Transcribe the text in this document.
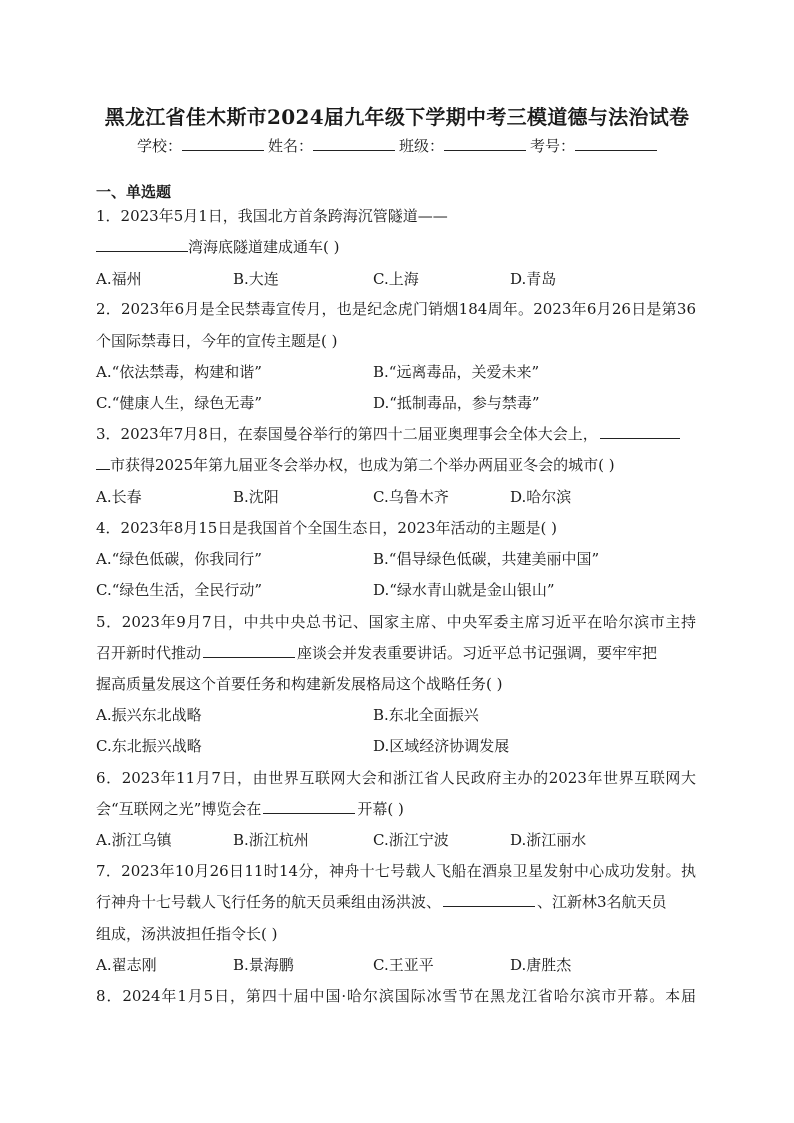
黑龙江省佳木斯市2024届九年级下学期中考三模道德与法治试卷
学校：	姓名：	班级：	考号：
一、单选题
1．2023年5月1日，我国北方首条跨海沉管隧道——
湾海底隧道建成通车( )
A.福州	B.大连	C.上海	D.青岛
2．2023年6月是全民禁毒宣传月，也是纪念虎门销烟184周年。2023年6月26日是第36
个国际禁毒日，今年的宣传主题是( )
A.“依法禁毒，构建和谐”	B.“远离毒品，关爱未来”
C.“健康人生，绿色无毒”	D.“抵制毒品，参与禁毒”
3．2023年7月8日，在泰国曼谷举行的第四十二届亚奥理事会全体大会上，
市获得2025年第九届亚冬会举办权，也成为第二个举办两届亚冬会的城市( )
A.长春	B.沈阳	C.乌鲁木齐	D.哈尔滨
4．2023年8月15日是我国首个全国生态日，2023年活动的主题是( )
A.“绿色低碳，你我同行”	B.“倡导绿色低碳，共建美丽中国”
C.“绿色生活，全民行动”	D.“绿水青山就是金山银山”
5．2023年9月7日，中共中央总书记、国家主席、中央军委主席习近平在哈尔滨市主持
召开新时代推动	座谈会并发表重要讲话。习近平总书记强调，要牢牢把
握高质量发展这个首要任务和构建新发展格局这个战略任务( )
A.振兴东北战略	B.东北全面振兴
C.东北振兴战略	D.区域经济协调发展
6．2023年11月7日，由世界互联网大会和浙江省人民政府主办的2023年世界互联网大
会“互联网之光”博览会在	开幕( )
A.浙江乌镇	B.浙江杭州	C.浙江宁波	D.浙江丽水
7．2023年10月26日11时14分，神舟十七号载人飞船在酒泉卫星发射中心成功发射。执
行神舟十七号载人飞行任务的航天员乘组由汤洪波、	、江新林3名航天员
组成，汤洪波担任指令长( )
A.翟志刚	B.景海鹏	C.王亚平	D.唐胜杰
8．2024年1月5日，第四十届中国·哈尔滨国际冰雪节在黑龙江省哈尔滨市开幕。本届
